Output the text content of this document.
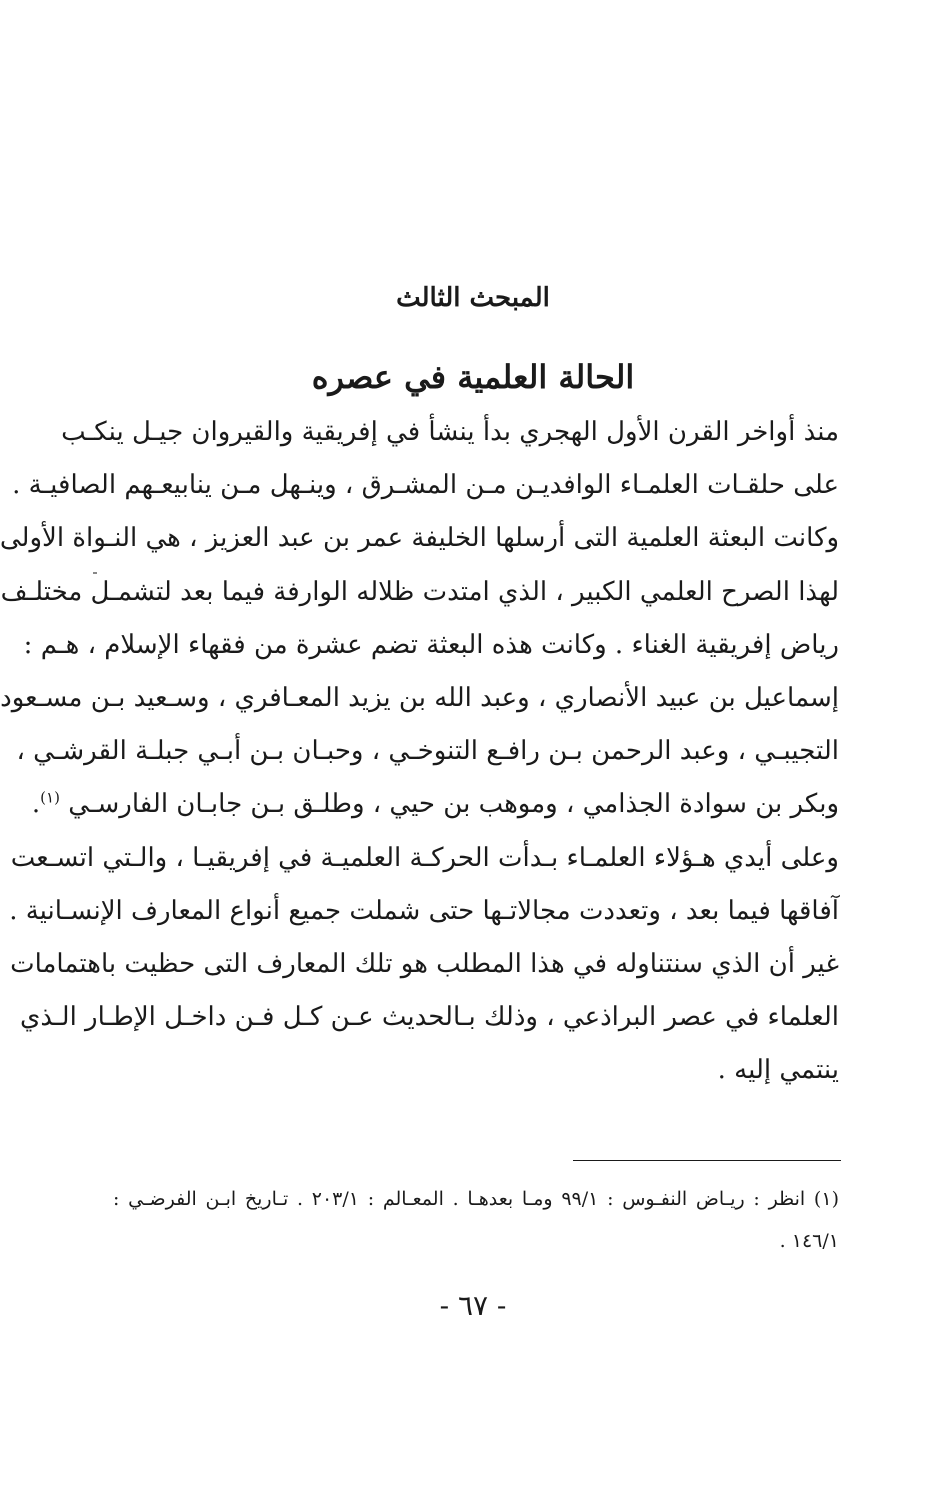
المبحث الثالث
الحالة العلمية في عصره
منذ أواخر القرن الأول الهجري بدأ ينشأ في إفريقية والقيروان جيـل ينكـب
على حلقـات العلمـاء الوافديـن مـن المشـرق ، وينـهل مـن ينابيعـهم الصافيـة .
وكانت البعثة العلمية التى أرسلها الخليفة عمر بن عبد العزيز ، هي النـواة الأولى
لهذا الصرح العلمي الكبير ، الذي امتدت ظلاله الوارفة فيما بعد لتشمـل مختلـف
رياض إفريقية الغناء . وكانت هذه البعثة تضم عشرة من فقهاء الإسلام ، هـم :
إسماعيل بن عبيد الأنصاري ، وعبد الله بن يزيد المعـافري ، وسـعيد بـن مسـعود
التجيبـي ، وعبد الرحمن بـن رافـع التنوخـي ، وحبـان بـن أبـي جبلـة القرشـي ،
وبكر بن سوادة الجذامي ، وموهب بن حيي ، وطلـق بـن جابـان الفارسـي $^{(١)}$.
وعلى أيدي هـؤلاء العلمـاء بـدأت الحركـة العلميـة في إفريقيـا ، والـتي اتسـعت
آفاقها فيما بعد ، وتعددت مجالاتـها حتى شملت جميع أنواع المعارف الإنسـانية .
غير أن الذي سنتناوله في هذا المطلب هو تلك المعارف التى حظيت باهتمامات
العلماء في عصر البراذعي ، وذلك بـالحديث عـن كـل فـن داخـل الإطـار الـذي
ينتمي إليه .
(١) انظر : ريـاض النفـوس : ٩٩/١ ومـا بعدهـا . المعـالم : ٢٠٣/١ . تـاريخ ابـن الفرضـي :
١٤٦/١ .
- ٦٧ -
